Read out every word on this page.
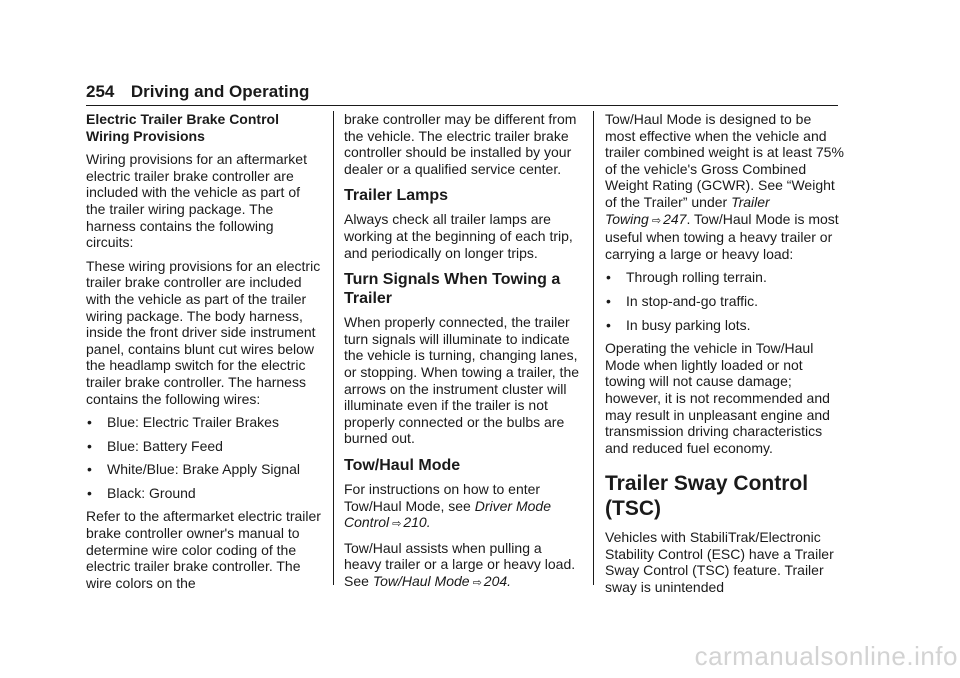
254 Driving and Operating
Electric Trailer Brake Control Wiring Provisions

Wiring provisions for an aftermarket electric trailer brake controller are included with the vehicle as part of the trailer wiring package. The harness contains the following circuits:

These wiring provisions for an electric trailer brake controller are included with the vehicle as part of the trailer wiring package. The body harness, inside the front driver side instrument panel, contains blunt cut wires below the headlamp switch for the electric trailer brake controller. The harness contains the following wires:

•	Blue: Electric Trailer Brakes
•	Blue: Battery Feed
•	White/Blue: Brake Apply Signal
•	Black: Ground

Refer to the aftermarket electric trailer brake controller owner's manual to determine wire color coding of the electric trailer brake controller. The wire colors on the

brake controller may be different from the vehicle. The electric trailer brake controller should be installed by your dealer or a qualified service center.

Trailer Lamps

Always check all trailer lamps are working at the beginning of each trip, and periodically on longer trips.

Turn Signals When Towing a Trailer

When properly connected, the trailer turn signals will illuminate to indicate the vehicle is turning, changing lanes, or stopping. When towing a trailer, the arrows on the instrument cluster will illuminate even if the trailer is not properly connected or the bulbs are burned out.

Tow/Haul Mode

For instructions on how to enter Tow/Haul Mode, see Driver Mode Control ⇨ 210.

Tow/Haul assists when pulling a heavy trailer or a large or heavy load. See Tow/Haul Mode ⇨ 204.

Tow/Haul Mode is designed to be most effective when the vehicle and trailer combined weight is at least 75% of the vehicle's Gross Combined Weight Rating (GCWR). See “Weight of the Trailer” under Trailer Towing ⇨ 247. Tow/Haul Mode is most useful when towing a heavy trailer or carrying a large or heavy load:

•	Through rolling terrain.
•	In stop-and-go traffic.
•	In busy parking lots.

Operating the vehicle in Tow/Haul Mode when lightly loaded or not towing will not cause damage; however, it is not recommended and may result in unpleasant engine and transmission driving characteristics and reduced fuel economy.

Trailer Sway Control (TSC)

Vehicles with StabiliTrak/Electronic Stability Control (ESC) have a Trailer Sway Control (TSC) feature. Trailer sway is unintended

carmanualsonline.info
